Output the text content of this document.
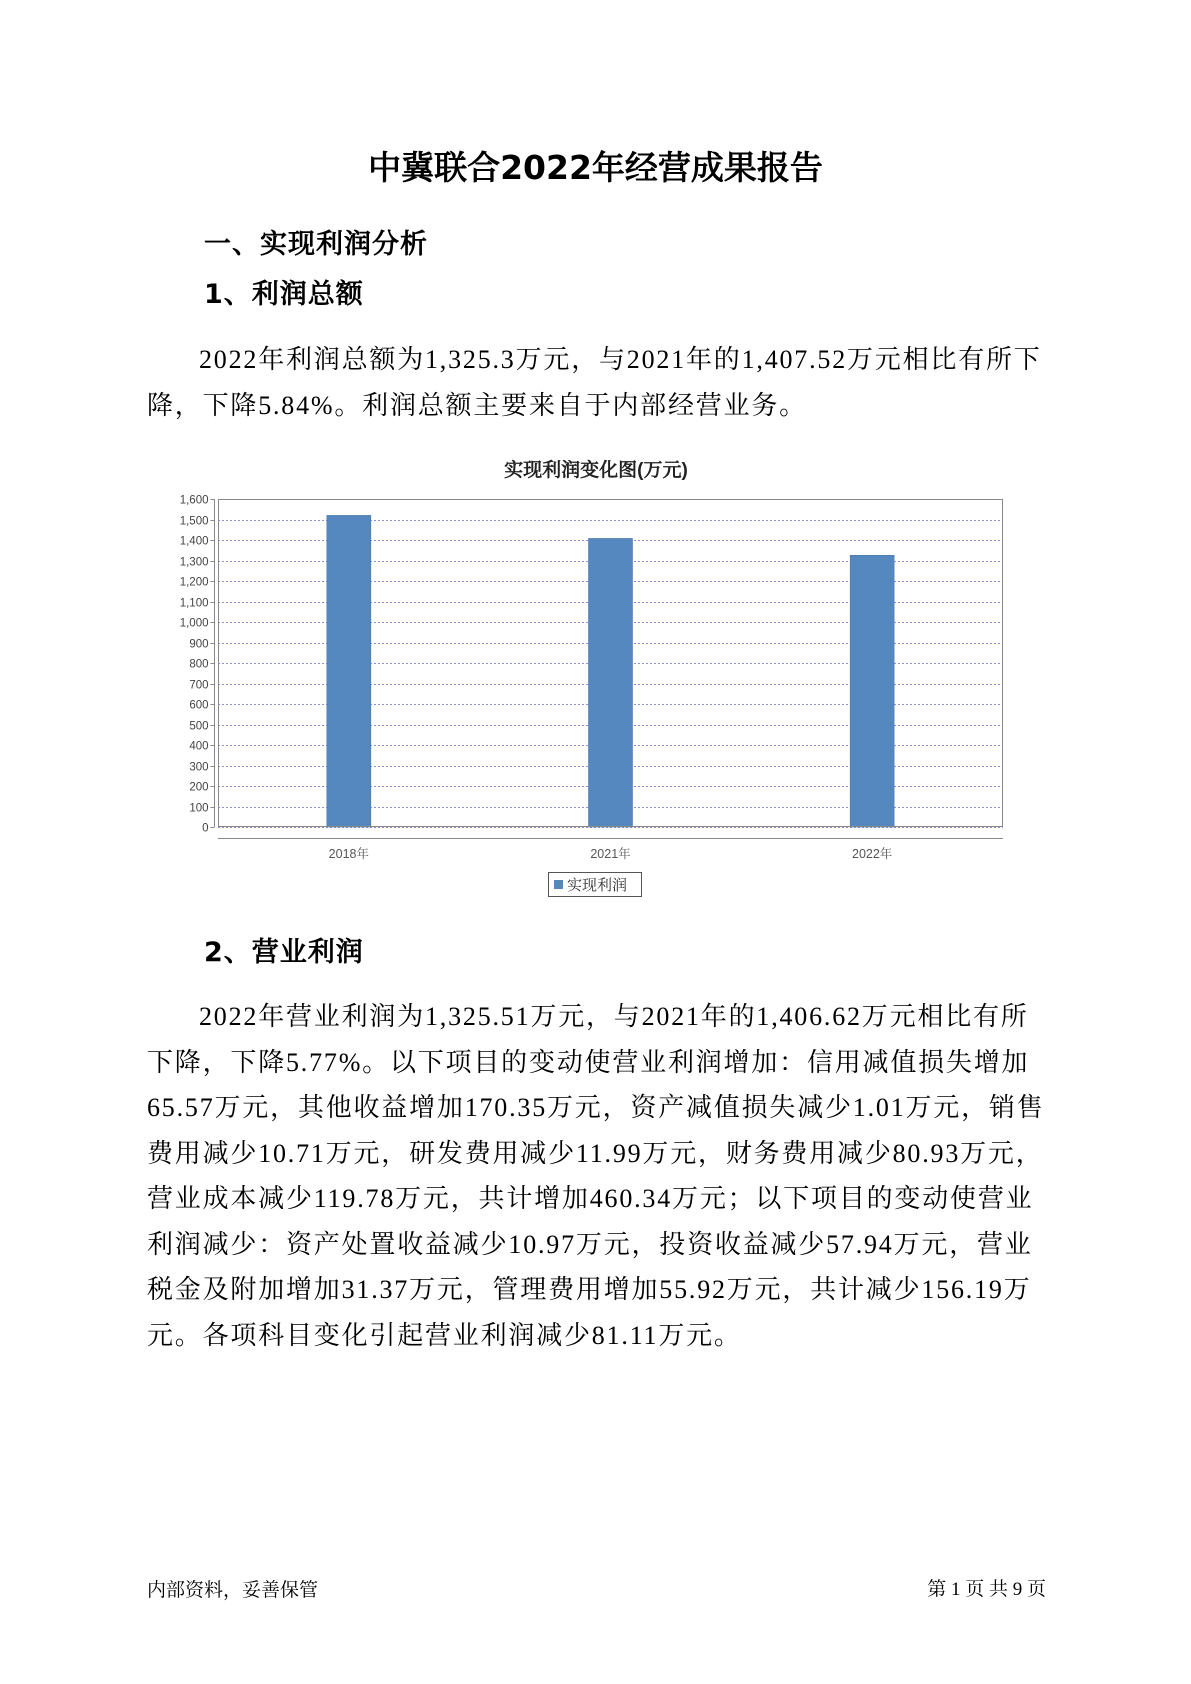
中冀联合2022年经营成果报告
一、实现利润分析
1、利润总额
2022年利润总额为1,325.3万元，与2021年的1,407.52万元相比有所下
降，下降5.84%。利润总额主要来自于内部经营业务。
实现利润变化图(万元)
0
100
200
300
400
500
600
700
800
900
1,000
1,100
1,200
1,300
1,400
1,500
1,600
2018年	2021年	2022年
实现利润
2、营业利润
2022年营业利润为1,325.51万元，与2021年的1,406.62万元相比有所
下降，下降5.77%。以下项目的变动使营业利润增加：信用减值损失增加
65.57万元，其他收益增加170.35万元，资产减值损失减少1.01万元，销售
费用减少10.71万元，研发费用减少11.99万元，财务费用减少80.93万元，
营业成本减少119.78万元，共计增加460.34万元；以下项目的变动使营业
利润减少：资产处置收益减少10.97万元，投资收益减少57.94万元，营业
税金及附加增加31.37万元，管理费用增加55.92万元，共计减少156.19万
元。各项科目变化引起营业利润减少81.11万元。
内部资料，妥善保管	第 1 页 共 9 页
